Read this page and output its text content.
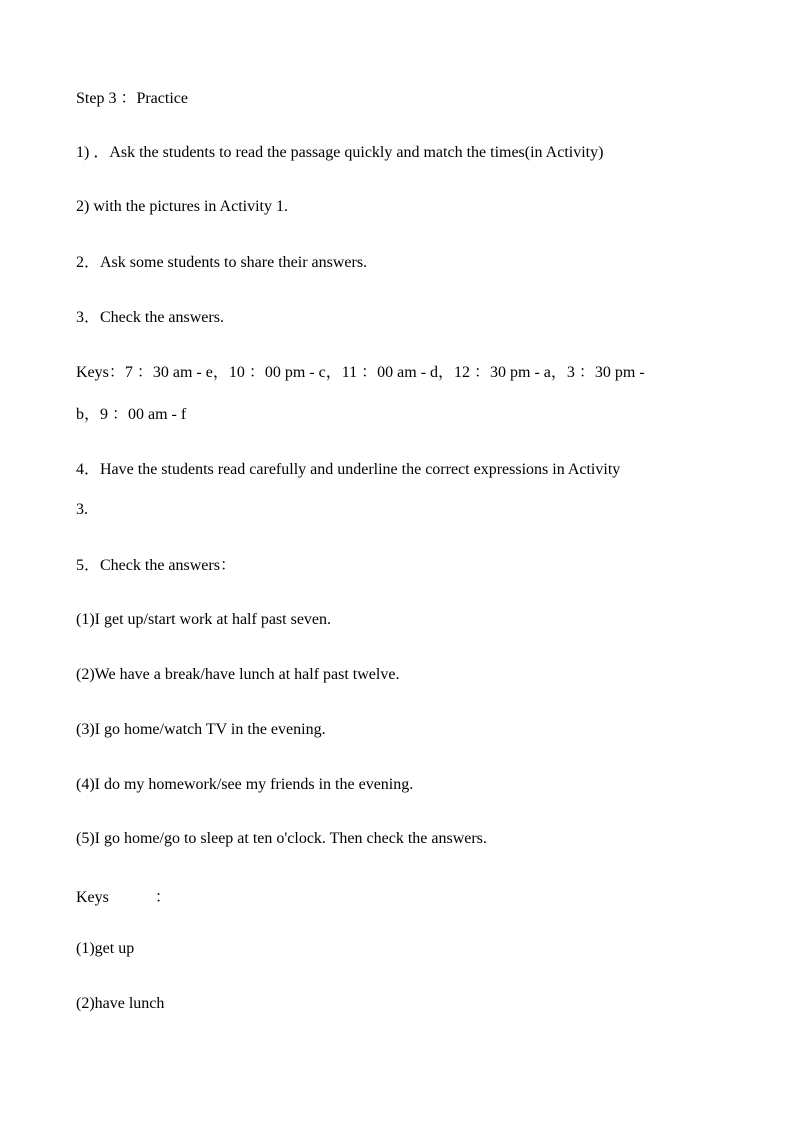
Step 3 ：Practice

1) ．Ask the students to read the passage quickly and match the times(in Activity)

2) with the pictures in Activity 1.

2．Ask some students to share their answers.

3．Check the answers.

Keys：7 ：30 am - e，10 ：00 pm - c，11 ：00 am - d，12 ：30 pm - a，3 ：30 pm -

b，9 ：00 am - f

4．Have the students read carefully and underline the correct expressions in Activity

3.

5．Check the answers：

(1)I get up/start work at half past seven.

(2)We have a break/have lunch at half past twelve.

(3)I go home/watch TV in the evening.

(4)I do my homework/see my friends in the evening.

(5)I go home/go to sleep at ten o'clock. Then check the answers.

Keys	：

(1)get up

(2)have lunch
